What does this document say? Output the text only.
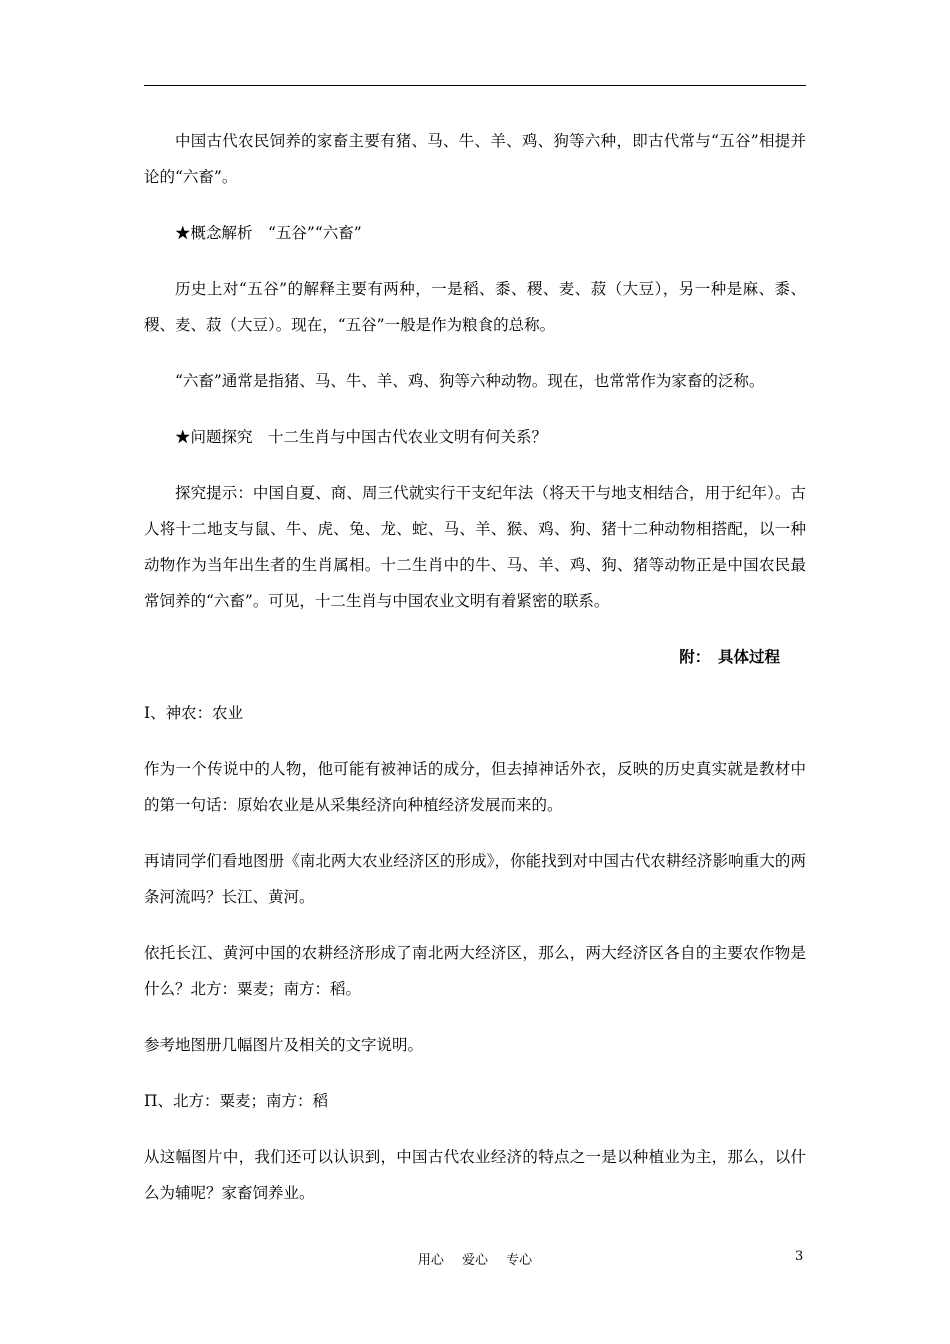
中国古代农民饲养的家畜主要有猪、马、牛、羊、鸡、狗等六种，即古代常与“五谷”相提并论的“六畜”。

★概念解析　“五谷”“六畜”

历史上对“五谷”的解释主要有两种，一是稻、黍、稷、麦、菽（大豆），另一种是麻、黍、稷、麦、菽（大豆）。现在，“五谷”一般是作为粮食的总称。

“六畜”通常是指猪、马、牛、羊、鸡、狗等六种动物。现在，也常常作为家畜的泛称。

★问题探究　十二生肖与中国古代农业文明有何关系？

探究提示：中国自夏、商、周三代就实行干支纪年法（将天干与地支相结合，用于纪年）。古人将十二地支与鼠、牛、虎、兔、龙、蛇、马、羊、猴、鸡、狗、猪十二种动物相搭配，以一种动物作为当年出生者的生肖属相。十二生肖中的牛、马、羊、鸡、狗、猪等动物正是中国农民最常饲养的“六畜”。可见，十二生肖与中国农业文明有着紧密的联系。

附：　具体过程

Ⅰ、神农：农业

作为一个传说中的人物，他可能有被神话的成分，但去掉神话外衣，反映的历史真实就是教材中的第一句话：原始农业是从采集经济向种植经济发展而来的。

再请同学们看地图册《南北两大农业经济区的形成》，你能找到对中国古代农耕经济影响重大的两条河流吗？长江、黄河。

依托长江、黄河中国的农耕经济形成了南北两大经济区，那么，两大经济区各自的主要农作物是什么？北方：粟麦；南方：稻。

参考地图册几幅图片及相关的文字说明。

Π、北方：粟麦；南方：稻

从这幅图片中，我们还可以认识到，中国古代农业经济的特点之一是以种植业为主，那么，以什么为辅呢？家畜饲养业。

用心 爱心 专心	3
